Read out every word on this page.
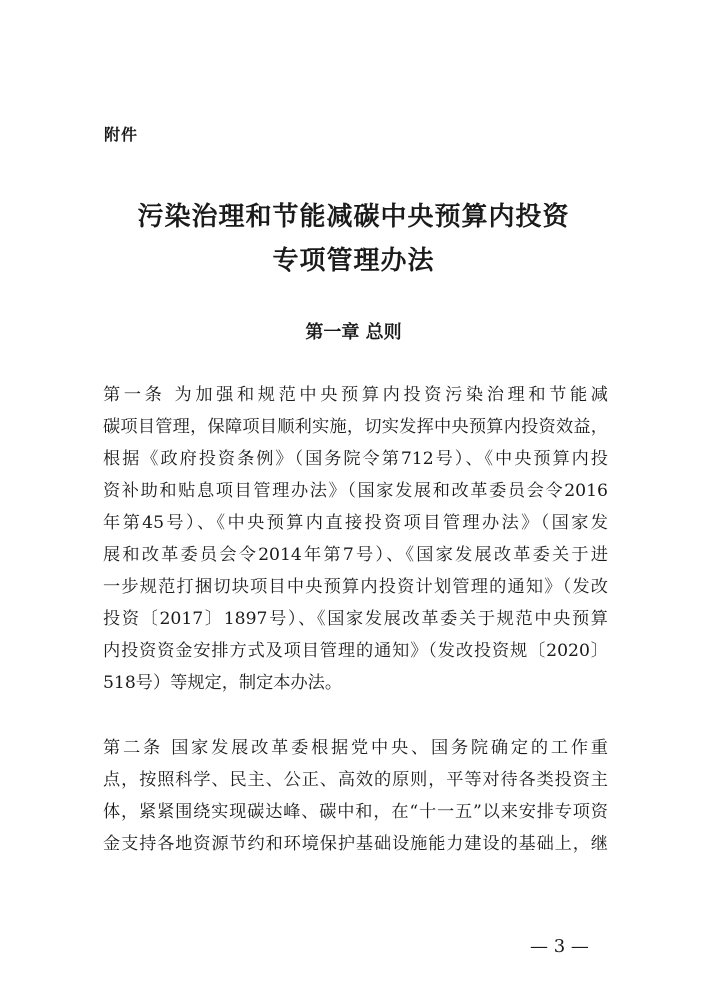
附件
污染治理和节能减碳中央预算内投资
专项管理办法
第一章 总则
第一条 为加强和规范中央预算内投资污染治理和节能减
碳项目管理，保障项目顺利实施，切实发挥中央预算内投资效益，
根据《政府投资条例》（国务院令第712号）、《中央预算内投
资补助和贴息项目管理办法》（国家发展和改革委员会令2016
年第45号）、《中央预算内直接投资项目管理办法》（国家发
展和改革委员会令2014年第7号）、《国家发展改革委关于进
一步规范打捆切块项目中央预算内投资计划管理的通知》（发改
投资〔2017〕1897号）、《国家发展改革委关于规范中央预算
内投资资金安排方式及项目管理的通知》（发改投资规〔2020〕
518号）等规定，制定本办法。
第二条 国家发展改革委根据党中央、国务院确定的工作重
点，按照科学、民主、公正、高效的原则，平等对待各类投资主
体，紧紧围绕实现碳达峰、碳中和，在“十一五”以来安排专项资
金支持各地资源节约和环境保护基础设施能力建设的基础上，继
— 3 —
